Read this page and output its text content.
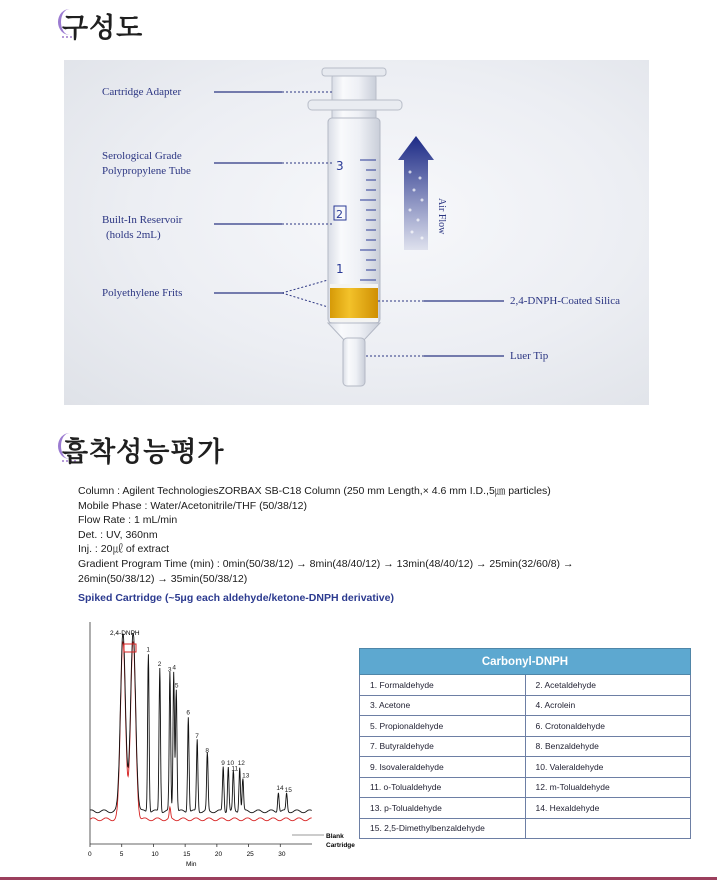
구성도
3
2
1
Air Flow
Cartridge Adapter
Serological Grade
Polypropylene Tube
Built-In Reservoir
(holds 2mL)
Polyethylene Frits
2,4-DNPH-Coated Silica
Luer Tip
흡착성능평가
Column : Agilent TechnologiesZORBAX SB-C18 Column (250 mm Length,× 4.6 mm I.D.,5㎛ particles)
Mobile Phase : Water/Acetonitrile/THF (50/38/12)
Flow Rate : 1 mL/min
Det. : UV, 360nm
Inj. : 20㎕ of extract
Gradient Program Time (min) : 0min(50/38/12) → 8min(48/40/12) → 13min(48/40/12) → 25min(32/60/8) →
26min(50/38/12) → 35min(50/38/12)
Spiked Cartridge (~5μg each aldehyde/ketone-DNPH derivative)
0	5	10	15	20	25	30
1
2
3 4
5
6
7
8
9 10
11
12
13
14 15
2,4-DNPH
Blank
Cartridge
Min
Carbonyl-DNPH	
1. Formaldehyde	2. Acetaldehyde
3. Acetone	4. Acrolein
5. Propionaldehyde	6. Crotonaldehyde
7. Butyraldehyde	8. Benzaldehyde
9. Isovaleraldehyde	10. Valeraldehyde
11. o-Tolualdehyde	12. m-Tolualdehyde
13. p-Tolualdehyde	14. Hexaldehyde
15. 2,5-Dimethylbenzaldehyde	
